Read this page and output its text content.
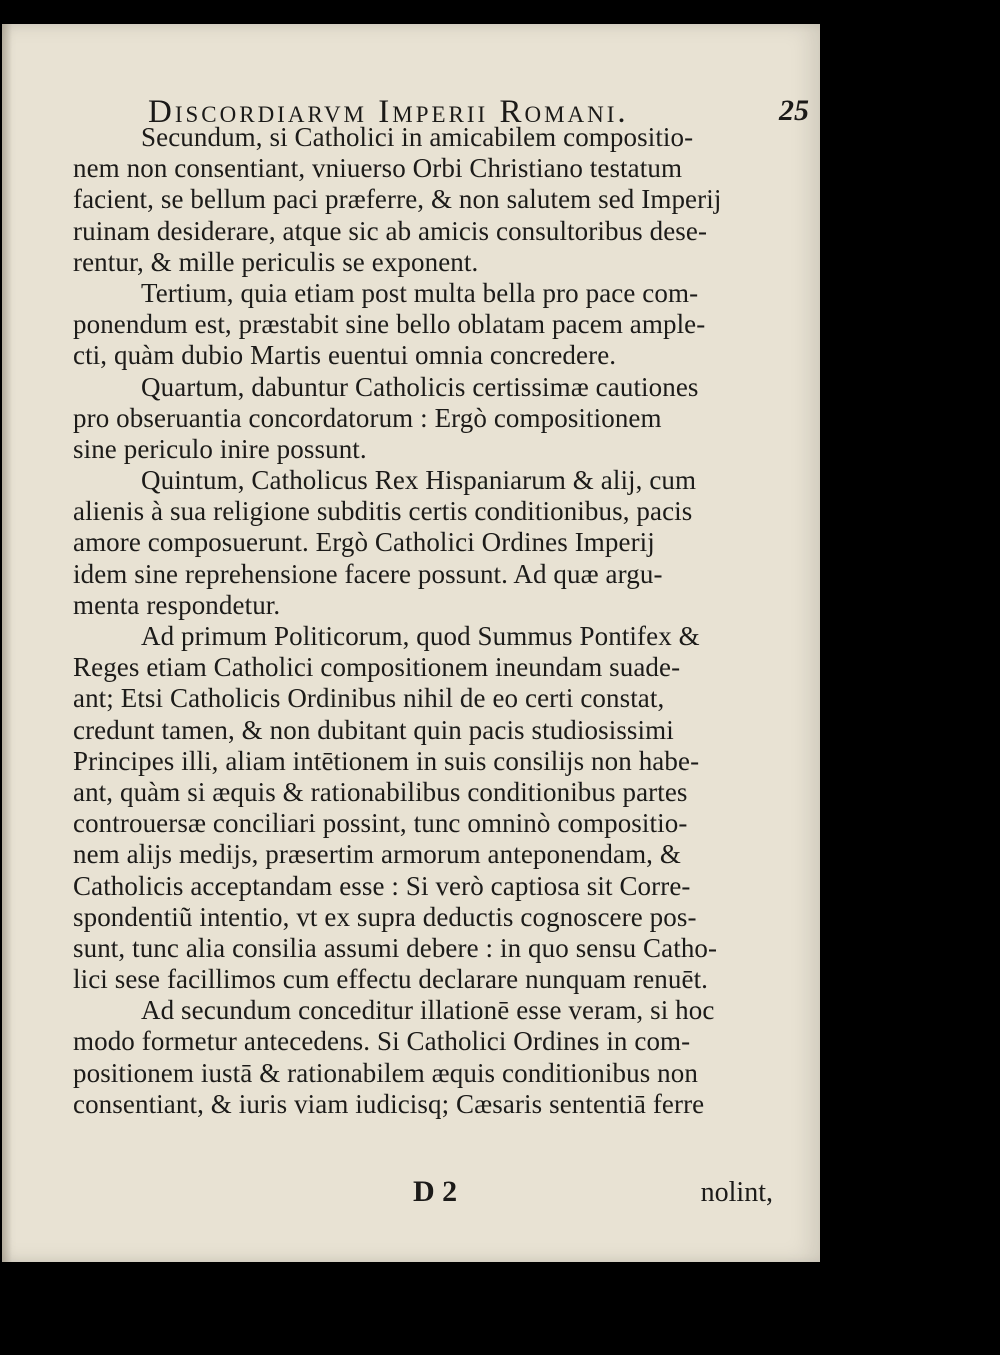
Discordiarvm Imperii Romani.	25

Secundum, si Catholici in amicabilem compositio-
nem non consentiant, vniuerso Orbi Christiano testatum
facient, se bellum paci præferre, & non salutem sed Imperij
ruinam desiderare, atque sic ab amicis consultoribus dese-
rentur, & mille periculis se exponent.

Tertium, quia etiam post multa bella pro pace com-
ponendum est, præstabit sine bello oblatam pacem ample-
cti, quàm dubio Martis euentui omnia concredere.

Quartum, dabuntur Catholicis certissimæ cautiones
pro obseruantia concordatorum : Ergò compositionem
sine periculo inire possunt.

Quintum, Catholicus Rex Hispaniarum & alij, cum
alienis à sua religione subditis certis conditionibus, pacis
amore composuerunt. Ergò Catholici Ordines Imperij
idem sine reprehensione facere possunt. Ad quæ argu-
menta respondetur.

Ad primum Politicorum, quod Summus Pontifex &
Reges etiam Catholici compositionem ineundam suade-
ant; Etsi Catholicis Ordinibus nihil de eo certi constat,
credunt tamen, & non dubitant quin pacis studiosissimi
Principes illi, aliam intētionem in suis consilijs non habe-
ant, quàm si æquis & rationabilibus conditionibus partes
controuersæ conciliari possint, tunc omninò compositio-
nem alijs medijs, præsertim armorum anteponendam, &
Catholicis acceptandam esse : Si verò captiosa sit Corre-
spondentiũ intentio, vt ex supra deductis cognoscere pos-
sunt, tunc alia consilia assumi debere : in quo sensu Catho-
lici sese facillimos cum effectu declarare nunquam renuēt.

Ad secundum conceditur illationē esse veram, si hoc
modo formetur antecedens. Si Catholici Ordines in com-
positionem iustā & rationabilem æquis conditionibus non
consentiant, & iuris viam iudicisq; Cæsaris sententiā ferre

D 2	nolint,
